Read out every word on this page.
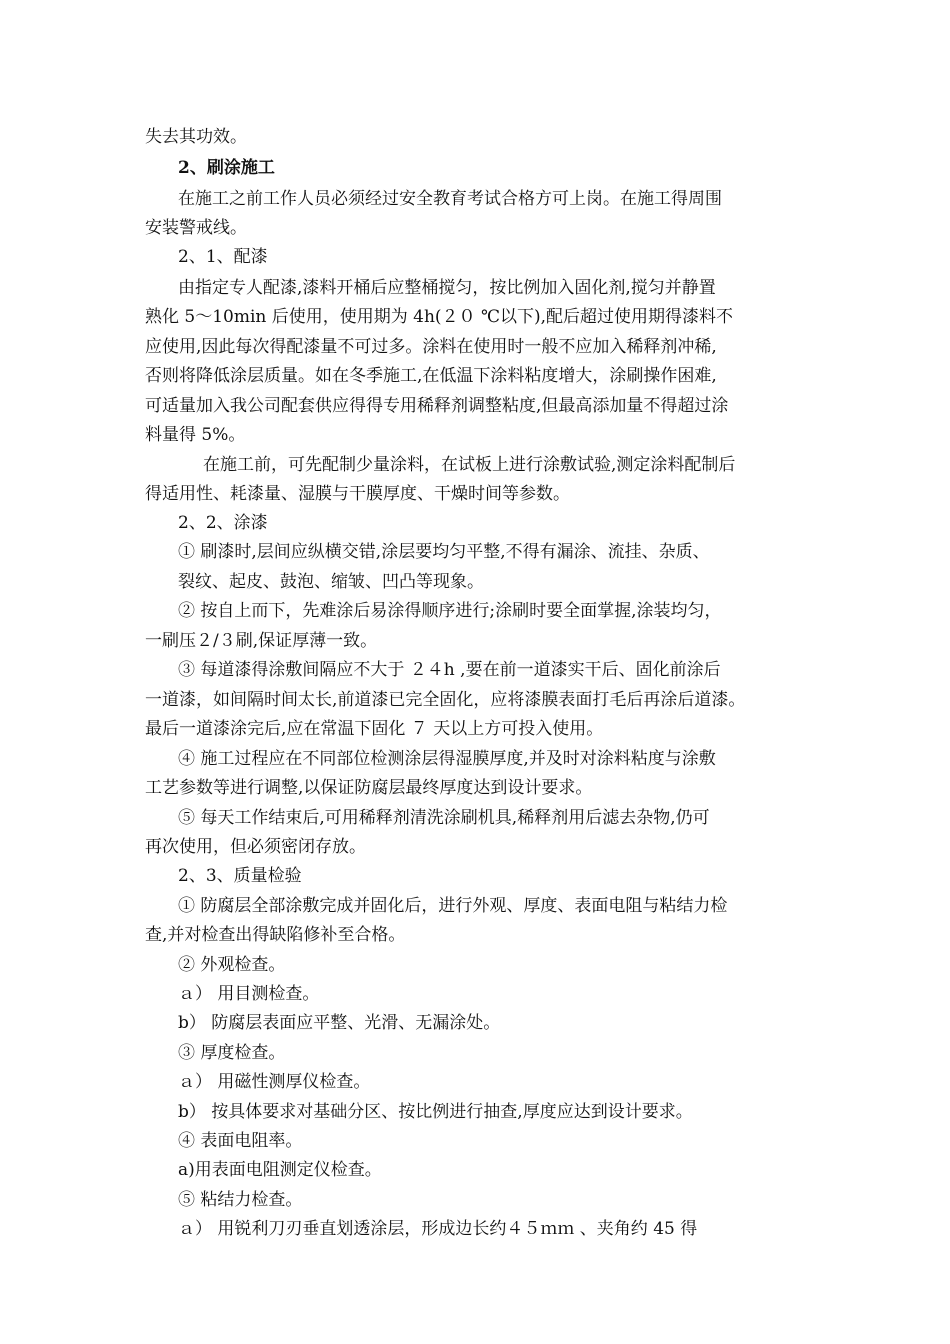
失去其功效。
2、刷涂施工
在施工之前工作人员必须经过安全教育考试合格方可上岗。在施工得周围
安装警戒线。
2、1、配漆
由指定专人配漆,漆料开桶后应整桶搅匀，按比例加入固化剂,搅匀并静置
熟化 5～10min 后使用，使用期为 4h(２０ ℃以下),配后超过使用期得漆料不
应使用,因此每次得配漆量不可过多。涂料在使用时一般不应加入稀释剂冲稀,
否则将降低涂层质量。如在冬季施工,在低温下涂料粘度增大，涂刷操作困难,
可适量加入我公司配套供应得得专用稀释剂调整粘度,但最高添加量不得超过涂
料量得 5%。
在施工前，可先配制少量涂料，在试板上进行涂敷试验,测定涂料配制后
得适用性、耗漆量、湿膜与干膜厚度、干燥时间等参数。
2、2、涂漆
① 刷漆时,层间应纵横交错,涂层要均匀平整,不得有漏涂、流挂、杂质、
裂纹、起皮、鼓泡、缩皱、凹凸等现象。
② 按自上而下，先难涂后易涂得顺序进行;涂刷时要全面掌握,涂装均匀，
一刷压２/３刷,保证厚薄一致。
③ 每道漆得涂敷间隔应不大于 ２４h ,要在前一道漆实干后、固化前涂后
一道漆，如间隔时间太长,前道漆已完全固化，应将漆膜表面打毛后再涂后道漆。
最后一道漆涂完后,应在常温下固化 ７ 天以上方可投入使用。
④ 施工过程应在不同部位检测涂层得湿膜厚度,并及时对涂料粘度与涂敷
工艺参数等进行调整,以保证防腐层最终厚度达到设计要求。
⑤ 每天工作结束后,可用稀释剂清洗涂刷机具,稀释剂用后滤去杂物,仍可
再次使用，但必须密闭存放。
2、3、质量检验
① 防腐层全部涂敷完成并固化后，进行外观、厚度、表面电阻与粘结力检
查,并对检查出得缺陷修补至合格。
② 外观检查。
ａ） 用目测检查。
b） 防腐层表面应平整、光滑、无漏涂处。
③ 厚度检查。
ａ） 用磁性测厚仪检查。
b） 按具体要求对基础分区、按比例进行抽查,厚度应达到设计要求。
④ 表面电阻率。
a)用表面电阻测定仪检查。
⑤ 粘结力检查。
ａ） 用锐利刀刃垂直划透涂层，形成边长约４５ｍｍ 、夹角约 45 得
